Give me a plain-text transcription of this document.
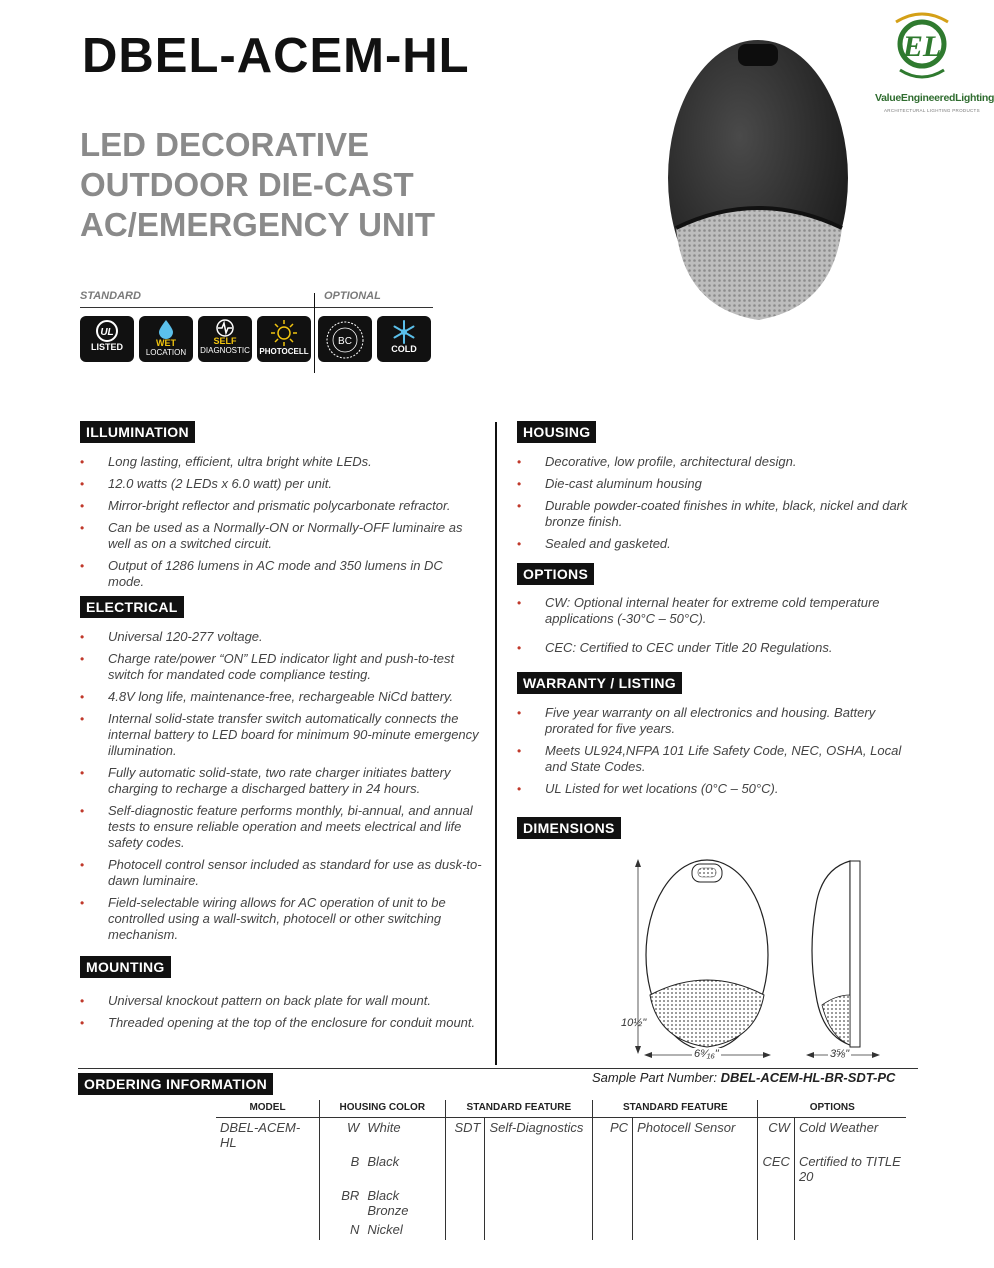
DBEL-ACEM-HL
LED DECORATIVE
OUTDOOR DIE-CAST
AC/EMERGENCY UNIT
EL
ValueEngineeredLighting
ARCHITECTURAL LIGHTING PRODUCTS
STANDARD	OPTIONAL
UL
LISTED	WET
LOCATION
SELF
DIAGNOSTIC	PHOTOCELL
BC
COLD
ILLUMINATION
• Long lasting, efficient, ultra bright white LEDs.
• 12.0 watts (2 LEDs x 6.0 watt) per unit.
• Mirror-bright reflector and prismatic polycarbonate refractor.
• Can be used as a Normally-ON or Normally-OFF luminaire as well as on a switched circuit.
• Output of 1286 lumens in AC mode and 350 lumens in DC mode.
ELECTRICAL
• Universal 120-277 voltage.
• Charge rate/power “ON” LED indicator light and push-to-test switch for mandated code compliance testing.
• 4.8V long life, maintenance-free, rechargeable NiCd battery.
• Internal solid-state transfer switch automatically connects the internal battery to LED board for minimum 90-minute emergency illumination.
• Fully automatic solid-state, two rate charger initiates battery charging to recharge a discharged battery in 24 hours.
• Self-diagnostic feature performs monthly, bi-annual, and annual tests to ensure reliable operation and meets electrical and life safety codes.
• Photocell control sensor included as standard for use as dusk-to-dawn luminaire.
• Field-selectable wiring allows for AC operation of unit to be controlled using a wall-switch, photocell or other switching mechanism.
MOUNTING
• Universal knockout pattern on back plate for wall mount.
• Threaded opening at the top of the enclosure for conduit mount.
HOUSING
• Decorative, low profile, architectural design.
• Die-cast aluminum housing
• Durable powder-coated finishes in white, black, nickel and dark bronze finish.
• Sealed and gasketed.
OPTIONS
• CW: Optional internal heater for extreme cold temperature applications (-30°C – 50°C).
• CEC: Certified to CEC under Title 20 Regulations.
WARRANTY / LISTING
• Five year warranty on all electronics and housing. Battery prorated for five years.
• Meets UL924,NFPA 101 Life Safety Code, NEC, OSHA, Local and State Codes.
• UL Listed for wet locations (0°C – 50°C).
DIMENSIONS
10½"
6⁹⁄₁₆"	3⅝"
ORDERING INFORMATION	Sample Part Number: DBEL-ACEM-HL-BR-SDT-PC
MODEL	HOUSING COLOR		STANDARD FEATURE		STANDARD FEATURE		OPTIONS	
DBEL-ACEM-HL	W	White	SDT	Self-Diagnostics	PC	Photocell Sensor	CW	Cold Weather
	B	Black					CEC	Certified to TITLE 20
	BR	Black Bronze						
	N	Nickel						
